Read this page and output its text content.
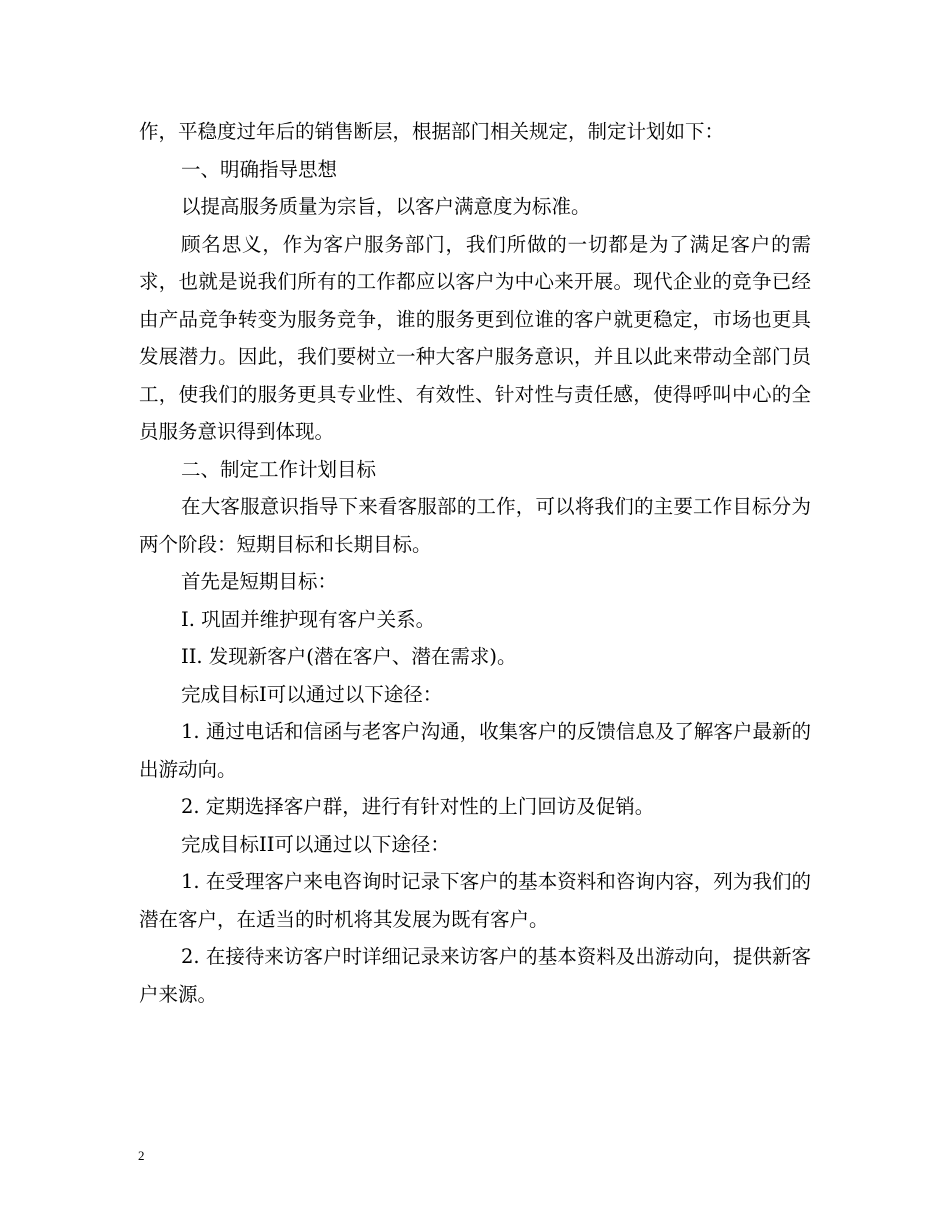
作，平稳度过年后的销售断层，根据部门相关规定，制定计划如下：

一、明确指导思想

以提高服务质量为宗旨，以客户满意度为标准。

顾名思义，作为客户服务部门，我们所做的一切都是为了满足客户的需求，也就是说我们所有的工作都应以客户为中心来开展。现代企业的竞争已经由产品竞争转变为服务竞争，谁的服务更到位谁的客户就更稳定，市场也更具发展潜力。因此，我们要树立一种大客户服务意识，并且以此来带动全部门员工，使我们的服务更具专业性、有效性、针对性与责任感，使得呼叫中心的全员服务意识得到体现。

二、制定工作计划目标

在大客服意识指导下来看客服部的工作，可以将我们的主要工作目标分为两个阶段：短期目标和长期目标。

首先是短期目标：

I. 巩固并维护现有客户关系。

II. 发现新客户(潜在客户、潜在需求)。

完成目标I可以通过以下途径：

1. 通过电话和信函与老客户沟通，收集客户的反馈信息及了解客户最新的出游动向。

2. 定期选择客户群，进行有针对性的上门回访及促销。

完成目标II可以通过以下途径：

1. 在受理客户来电咨询时记录下客户的基本资料和咨询内容，列为我们的潜在客户，在适当的时机将其发展为既有客户。

2. 在接待来访客户时详细记录来访客户的基本资料及出游动向，提供新客户来源。

2
